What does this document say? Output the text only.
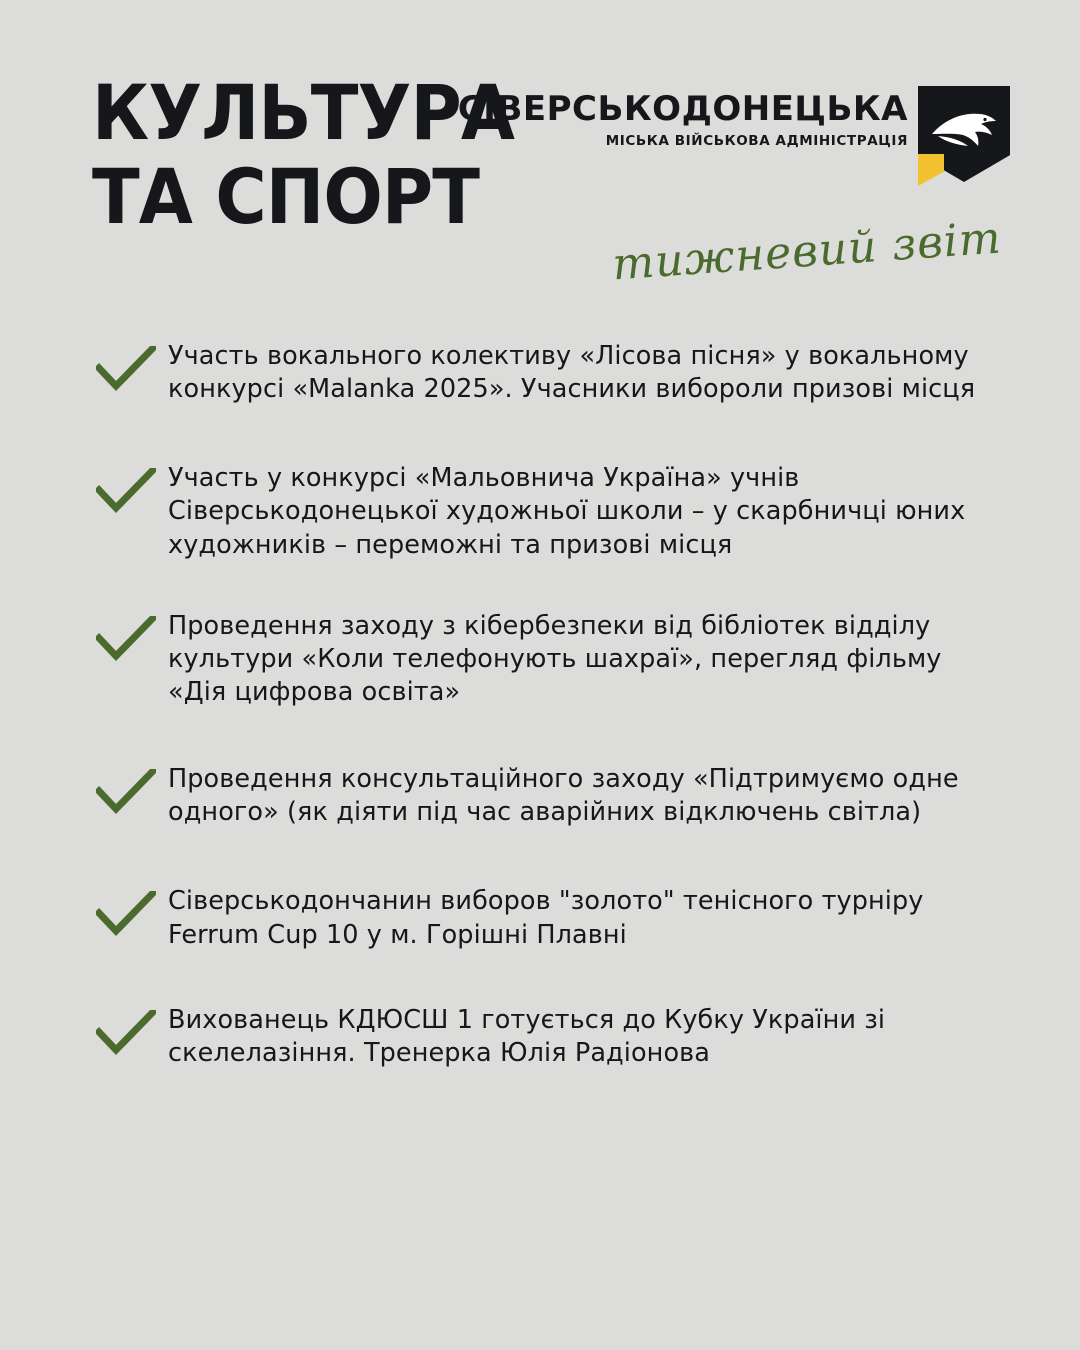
КУЛЬТУРА
ТА СПОРТ
СІВЕРСЬКОДОНЕЦЬКА
МІСЬКА ВІЙСЬКОВА АДМІНІСТРАЦІЯ
тижневий звіт
Участь вокального колективу «Лісова пісня» у вокальному конкурсі «Malanka 2025». Учасники вибороли призові місця
Участь у конкурсі «Мальовнича Україна» учнів Сіверськодонецької художньої школи – у скарбничці юних художників – переможні та призові місця
Проведення заходу з кібербезпеки від бібліотек відділу культури «Коли телефонують шахраї», перегляд фільму «Дія цифрова освіта»
Проведення консультаційного заходу «Підтримуємо одне одного» (як діяти під час аварійних відключень світла)
Сіверськодончанин виборов "золото" тенісного турніру Ferrum Cup 10 у м. Горішні Плавні
Вихованець КДЮСШ 1 готується до Кубку України зі скелелазіння. Тренерка Юлія Радіонова
